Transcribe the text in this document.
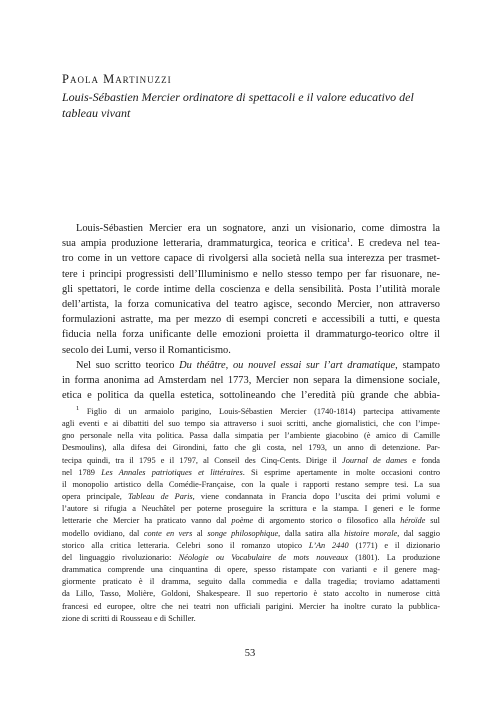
Paola Martinuzzi
Louis-Sébastien Mercier ordinatore di spettacoli e il valore educativo del
tableau vivant
Louis-Sébastien Mercier era un sognatore, anzi un visionario, come dimostra la
sua ampia produzione letteraria, drammaturgica, teorica e critica$^1$. E credeva nel tea-
tro come in un vettore capace di rivolgersi alla società nella sua interezza per trasmet-
tere i principi progressisti dell’Illuminismo e nello stesso tempo per far risuonare, ne-
gli spettatori, le corde intime della coscienza e della sensibilità. Posta l’utilità morale
dell’artista, la forza comunicativa del teatro agisce, secondo Mercier, non attraverso
formulazioni astratte, ma per mezzo di esempi concreti e accessibili a tutti, e questa
fiducia nella forza unificante delle emozioni proietta il drammaturgo-teorico oltre il
secolo dei Lumi, verso il Romanticismo.
Nel suo scritto teorico Du théâtre, ou nouvel essai sur l’art dramatique, stampato
in forma anonima ad Amsterdam nel 1773, Mercier non separa la dimensione sociale,
etica e politica da quella estetica, sottolineando che l’eredità più grande che abbia-
$^1$ Figlio di un armaiolo parigino, Louis-Sébastien Mercier (1740-1814) partecipa attivamente
agli eventi e ai dibattiti del suo tempo sia attraverso i suoi scritti, anche giornalistici, che con l’impe-
gno personale nella vita politica. Passa dalla simpatia per l’ambiente giacobino (è amico di Camille
Desmoulins), alla difesa dei Girondini, fatto che gli costa, nel 1793, un anno di detenzione. Par-
tecipa quindi, tra il 1795 e il 1797, al Conseil des Cinq-Cents. Dirige il Journal de dames e fonda
nel 1789 Les Annales patriotiques et littéraires. Si esprime apertamente in molte occasioni contro
il monopolio artistico della Comédie-Française, con la quale i rapporti restano sempre tesi. La sua
opera principale, Tableau de Paris, viene condannata in Francia dopo l’uscita dei primi volumi e
l’autore si rifugia a Neuchâtel per poterne proseguire la scrittura e la stampa. I generi e le forme
letterarie che Mercier ha praticato vanno dal poème di argomento storico o filosofico alla héroïde sul
modello ovidiano, dal conte en vers al songe philosophique, dalla satira alla histoire morale, dal saggio
storico alla critica letteraria. Celebri sono il romanzo utopico L’An 2440 (1771) e il dizionario
del linguaggio rivoluzionario: Néologie ou Vocabulaire de mots nouveaux (1801). La produzione
drammatica comprende una cinquantina di opere, spesso ristampate con varianti e il genere mag-
giormente praticato è il dramma, seguito dalla commedia e dalla tragedia; troviamo adattamenti
da Lillo, Tasso, Molière, Goldoni, Shakespeare. Il suo repertorio è stato accolto in numerose città
francesi ed europee, oltre che nei teatri non ufficiali parigini. Mercier ha inoltre curato la pubblica-
zione di scritti di Rousseau e di Schiller.
53
